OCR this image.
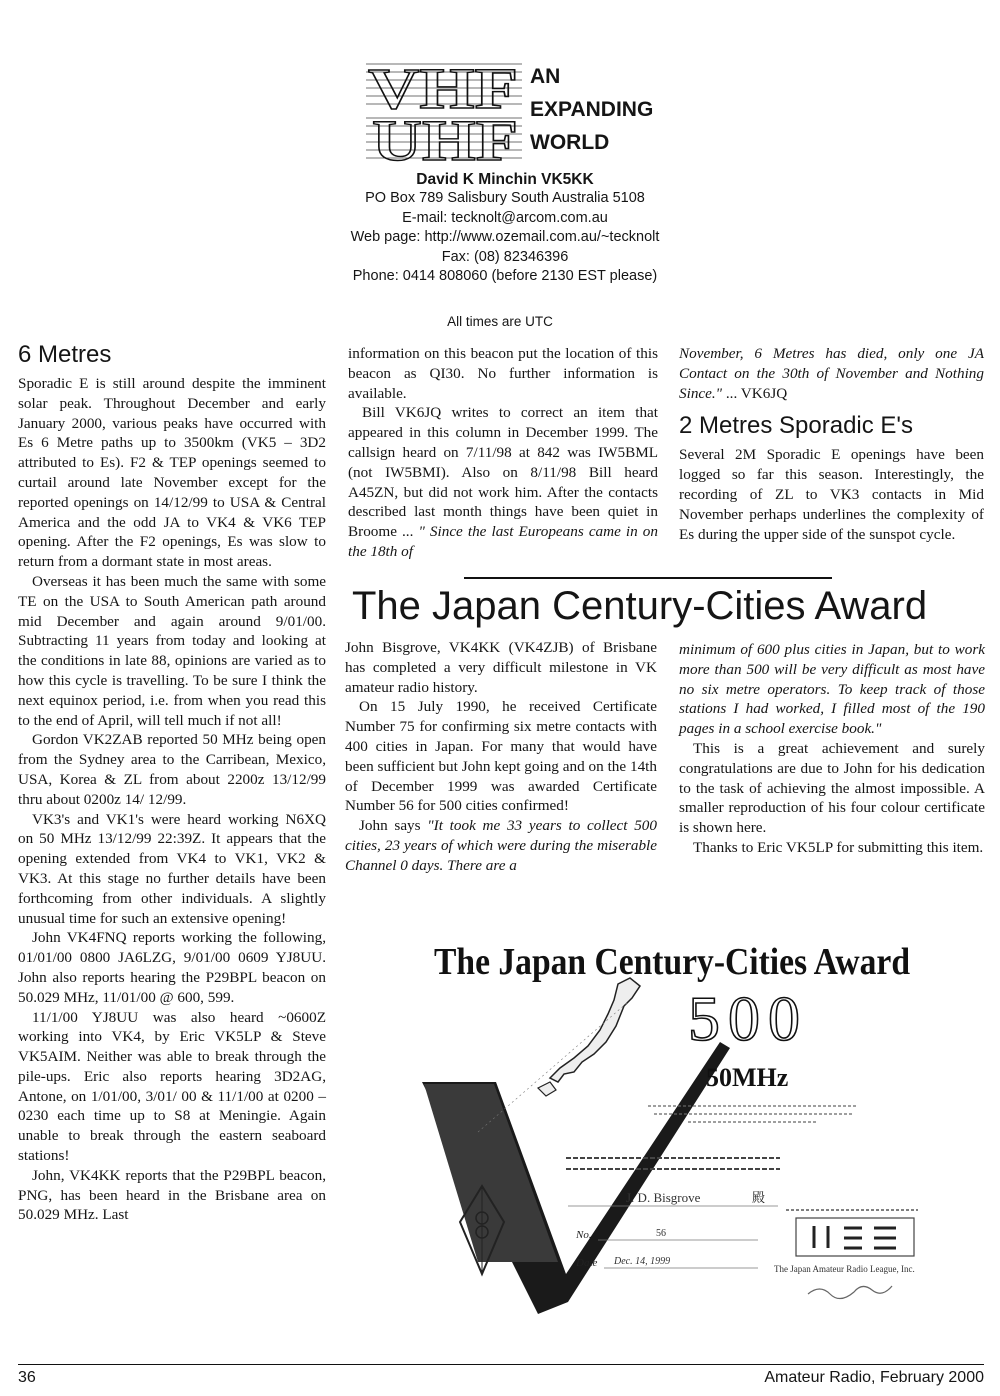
VHF
UHF
AN
EXPANDING
WORLD
David K Minchin VK5KK
PO Box 789 Salisbury South Australia 5108
E-mail: tecknolt@arcom.com.au
Web page: http://www.ozemail.com.au/~tecknolt
Fax: (08) 82346396
Phone: 0414 808060 (before 2130 EST please)
All times are UTC
6 Metres

Sporadic E is still around despite the imminent solar peak. Throughout December and early January 2000, various peaks have occurred with Es 6 Metre paths up to 3500km (VK5 – 3D2 attributed to Es). F2 & TEP openings seemed to curtail around late November except for the reported openings on 14/12/99 to USA & Central America and the odd JA to VK4 & VK6 TEP opening. After the F2 openings, Es was slow to return from a dormant state in most areas.

Overseas it has been much the same with some TE on the USA to South American path around mid December and again around 9/01/00. Subtracting 11 years from today and looking at the conditions in late 88, opinions are varied as to how this cycle is travelling. To be sure I think the next equinox period, i.e. from when you read this to the end of April, will tell much if not all!

Gordon VK2ZAB reported 50 MHz being open from the Sydney area to the Carribean, Mexico, USA, Korea & ZL from about 2200z 13/12/99 thru about 0200z 14/ 12/99.

VK3's and VK1's were heard working N6XQ on 50 MHz 13/12/99 22:39Z. It appears that the opening extended from VK4 to VK1, VK2 & VK3. At this stage no further details have been forthcoming from other individuals. A slightly unusual time for such an extensive opening!

John VK4FNQ reports working the following, 01/01/00 0800 JA6LZG, 9/01/00 0609 YJ8UU. John also reports hearing the P29BPL beacon on 50.029 MHz, 11/01/00 @ 600, 599.

11/1/00 YJ8UU was also heard ~0600Z working into VK4, by Eric VK5LP & Steve VK5AIM. Neither was able to break through the pile-ups. Eric also reports hearing 3D2AG, Antone, on 1/01/00, 3/01/ 00 & 11/1/00 at 0200 –0230 each time up to S8 at Meningie. Again unable to break through the eastern seaboard stations!

John, VK4KK reports that the P29BPL beacon, PNG, has been heard in the Brisbane area on 50.029 MHz. Last

information on this beacon put the location of this beacon as QI30. No further information is available.

Bill VK6JQ writes to correct an item that appeared in this column in December 1999. The callsign heard on 7/11/98 at 842 was IW5BML (not IW5BMI). Also on 8/11/98 Bill heard A45ZN, but did not work him. After the contacts described last month things have been quiet in Broome ... " Since the last Europeans came in on the 18th of

November, 6 Metres has died, only one JA Contact on the 30th of November and Nothing Since." ... VK6JQ

2 Metres Sporadic E's

Several 2M Sporadic E openings have been logged so far this season. Interestingly, the recording of ZL to VK3 contacts in Mid November perhaps underlines the complexity of Es during the upper side of the sunspot cycle.

The Japan Century-Cities Award

John Bisgrove, VK4KK (VK4ZJB) of Brisbane has completed a very difficult milestone in VK amateur radio history.

On 15 July 1990, he received Certificate Number 75 for confirming six metre contacts with 400 cities in Japan. For many that would have been sufficient but John kept going and on the 14th of December 1999 was awarded Certificate Number 56 for 500 cities confirmed!

John says "It took me 33 years to collect 500 cities, 23 years of which were during the miserable Channel 0 days. There are a

minimum of 600 plus cities in Japan, but to work more than 500 will be very difficult as most have no six metre operators. To keep track of those stations I had worked, I filled most of the 190 pages in a school exercise book."

This is a great achievement and surely congratulations are due to John for his dedication to the task of achieving the almost impossible. A smaller reproduction of his four colour certificate is shown here.

Thanks to Eric VK5LP for submitting this item.

The Japan Century-Cities Award
500
50MHz
J. D. Bisgrove	殿
No.	56
Date Dec. 14, 1999
The Japan Amateur Radio League, Inc.
36	Amateur Radio, February 2000
